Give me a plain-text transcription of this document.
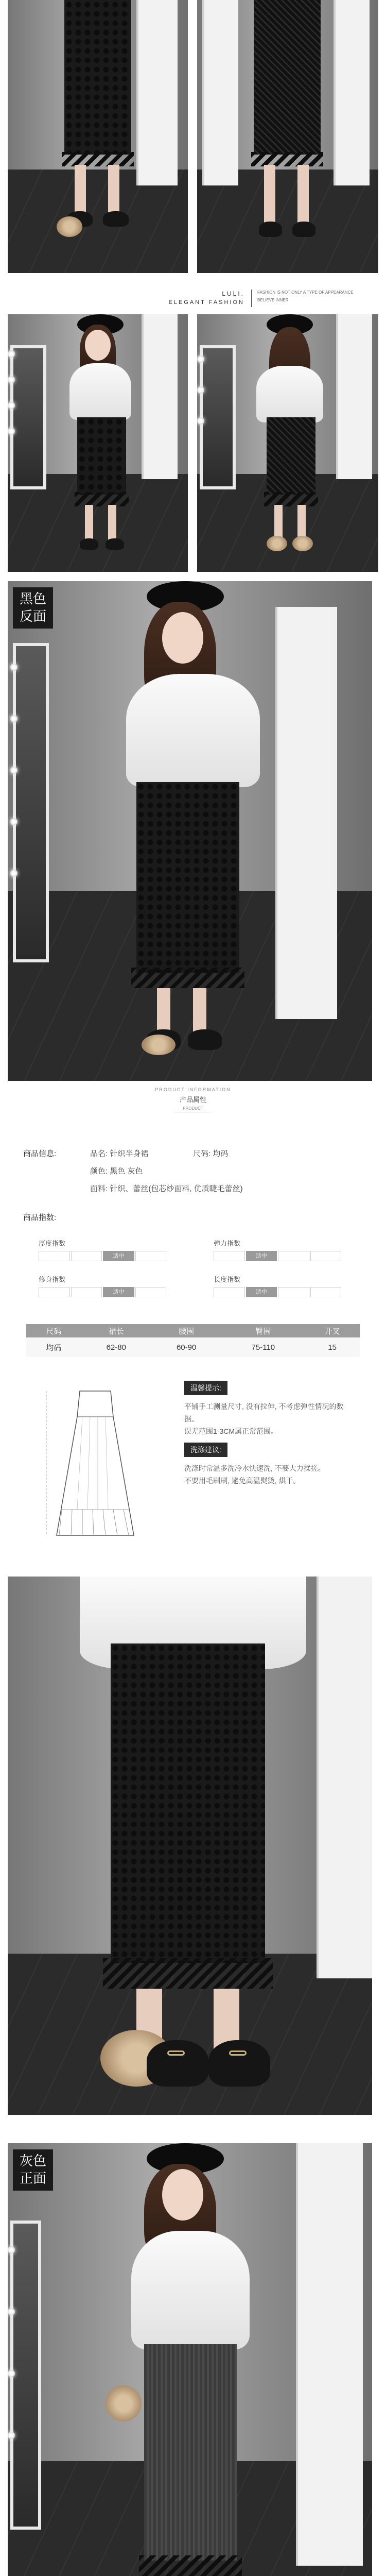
LULI.
ELEGANT FASHION
FASHION IS NOT ONLY A TYPE OF APPEARANCE
BELIEVE INNER
黑色反面
PRODUCT INFORMATION
产品属性
PRODUCT
商品信息:	品名: 针织半身裙	尺码: 均码
颜色: 黑色 灰色
面料: 针织、蕾丝(包芯纱面料, 优质睫毛蕾丝)
商品指数:
厚度指数
适中
弹力指数
适中
修身指数
适中
长度指数
适中
尺码	裙长	腰围	臀围	开叉
均码	62-80	60-90	75-110	15
温馨提示:
平铺手工测量尺寸, 没有拉伸, 不考虑弹性情况的数据。
误差范围1-3CM属正常范围。
洗涤建议:
洗涤时常温多洗冷水快速洗, 不要大力揉搓。
不要用毛刷刷, 避免高温熨烫, 烘干。
灰色正面
